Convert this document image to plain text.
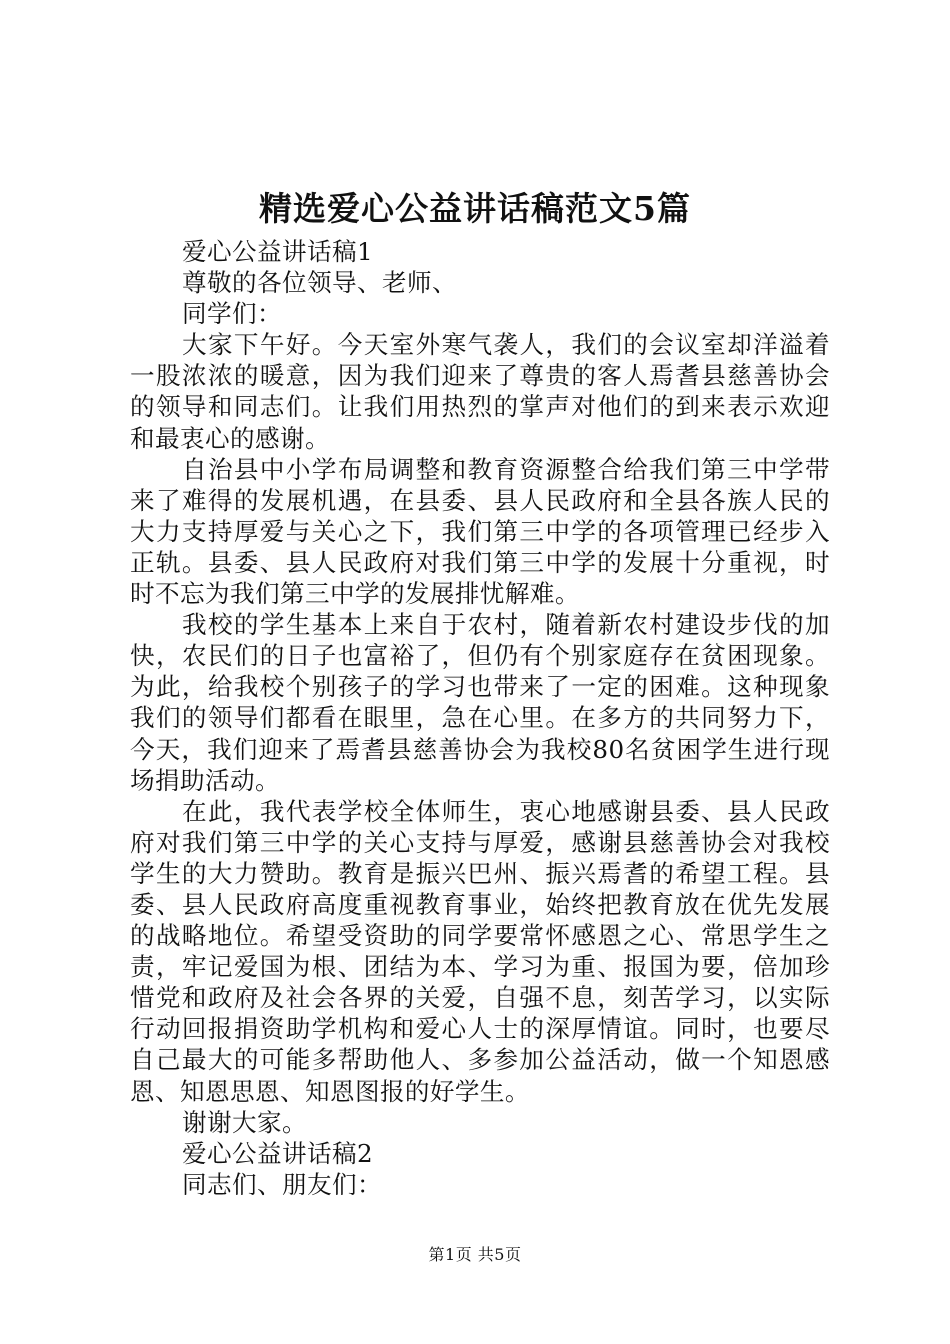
精选爱心公益讲话稿范文5篇
爱心公益讲话稿1
尊敬的各位领导、老师、
同学们：
大家下午好。今天室外寒气袭人，我们的会议室却洋溢着
一股浓浓的暖意，因为我们迎来了尊贵的客人焉耆县慈善协会
的领导和同志们。让我们用热烈的掌声对他们的到来表示欢迎
和最衷心的感谢。
自治县中小学布局调整和教育资源整合给我们第三中学带
来了难得的发展机遇，在县委、县人民政府和全县各族人民的
大力支持厚爱与关心之下，我们第三中学的各项管理已经步入
正轨。县委、县人民政府对我们第三中学的发展十分重视，时
时不忘为我们第三中学的发展排忧解难。
我校的学生基本上来自于农村，随着新农村建设步伐的加
快，农民们的日子也富裕了，但仍有个别家庭存在贫困现象。
为此，给我校个别孩子的学习也带来了一定的困难。这种现象
我们的领导们都看在眼里，急在心里。在多方的共同努力下，
今天，我们迎来了焉耆县慈善协会为我校80名贫困学生进行现
场捐助活动。
在此，我代表学校全体师生，衷心地感谢县委、县人民政
府对我们第三中学的关心支持与厚爱，感谢县慈善协会对我校
学生的大力赞助。教育是振兴巴州、振兴焉耆的希望工程。县
委、县人民政府高度重视教育事业，始终把教育放在优先发展
的战略地位。希望受资助的同学要常怀感恩之心、常思学生之
责，牢记爱国为根、团结为本、学习为重、报国为要，倍加珍
惜党和政府及社会各界的关爱，自强不息，刻苦学习，以实际
行动回报捐资助学机构和爱心人士的深厚情谊。同时，也要尽
自己最大的可能多帮助他人、多参加公益活动，做一个知恩感
恩、知恩思恩、知恩图报的好学生。
谢谢大家。
爱心公益讲话稿2
同志们、朋友们：
第1页 共5页
